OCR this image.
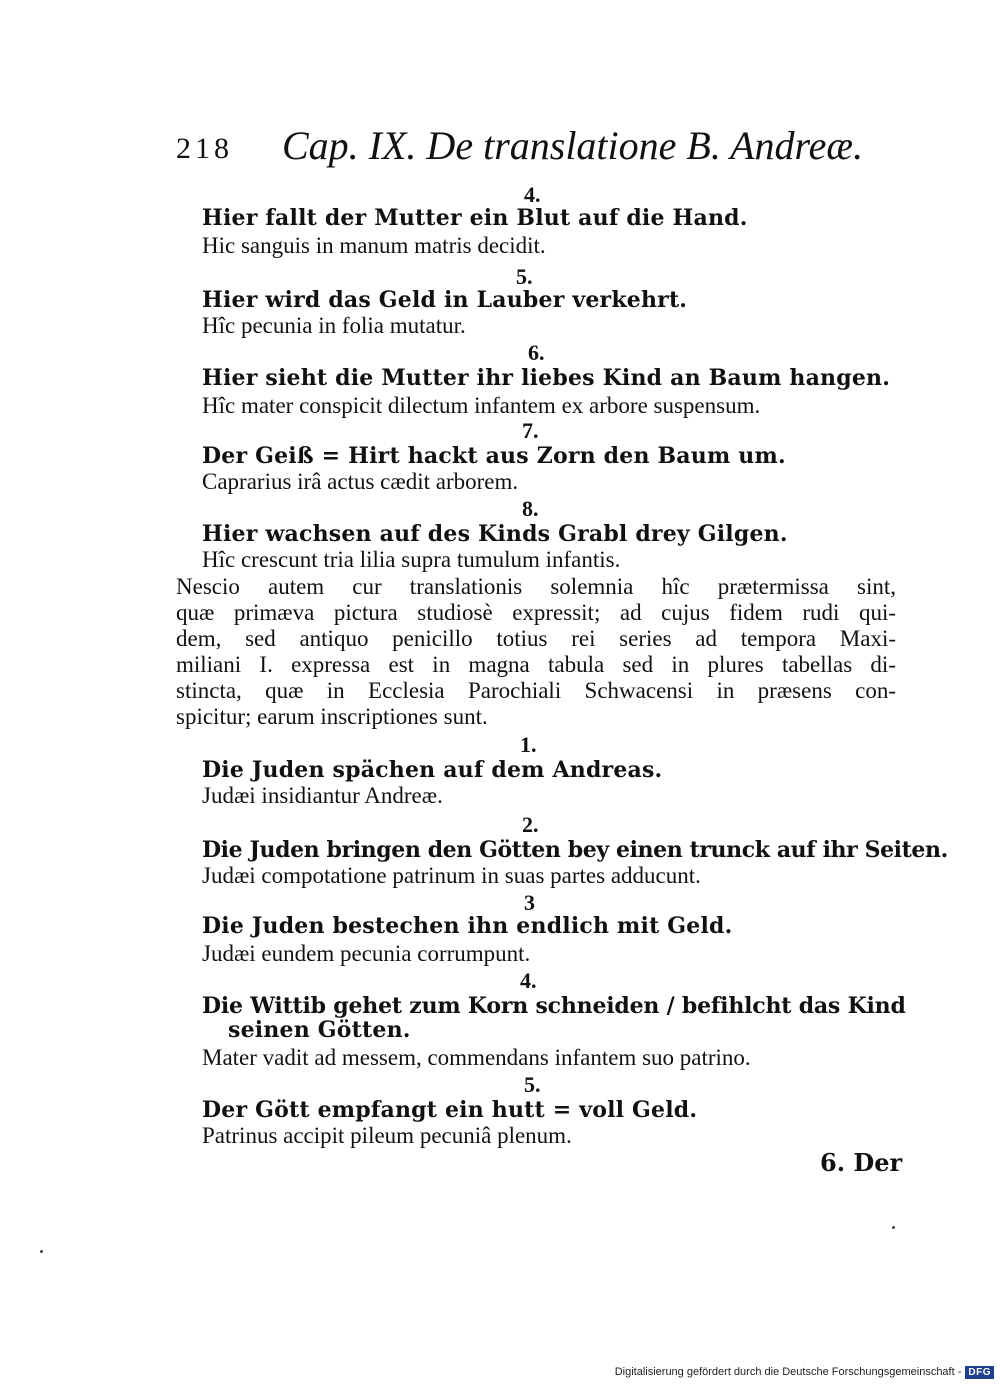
218 Cap. IX. De translatione B. Andreæ.
4.
Hier fallt der Mutter ein Blut auf die Hand.
Hic sanguis in manum matris decidit.
5.
Hier wird das Geld in Lauber verkehrt.
Hîc pecunia in folia mutatur.
6.
Hier sieht die Mutter ihr liebes Kind an Baum hangen.
Hîc mater conspicit dilectum infantem ex arbore suspensum.
7.
Der Geiß = Hirt hackt aus Zorn den Baum um.
Caprarius irâ actus cædit arborem.
8.
Hier wachsen auf des Kinds Grabl drey Gilgen.
Hîc crescunt tria lilia supra tumulum infantis.
Nescio autem cur translationis solemnia hîc prætermissa sint,
quæ primæva pictura studiosè expressit; ad cujus fidem rudi qui-
dem, sed antiquo penicillo totius rei series ad tempora Maxi-
miliani I. expressa est in magna tabula sed in plures tabellas di-
stincta, quæ in Ecclesia Parochiali Schwacensi in præsens con-
spicitur; earum inscriptiones sunt.
1.
Die Juden spächen auf dem Andreas.
Judæi insidiantur Andreæ.
2.
Die Juden bringen den Götten bey einen trunck auf ihr Seiten.
Judæi compotatione patrinum in suas partes adducunt.
3
Die Juden bestechen ihn endlich mit Geld.
Judæi eundem pecunia corrumpunt.
4.
Die Wittib gehet zum Korn schneiden / befihlcht das Kind
seinen Götten.
Mater vadit ad messem, commendans infantem suo patrino.
5.
Der Gött empfangt ein hutt = voll Geld.
Patrinus accipit pileum pecuniâ plenum.
6. Der
Digitalisierung gefördert durch die Deutsche Forschungsgemeinschaft - DFG
